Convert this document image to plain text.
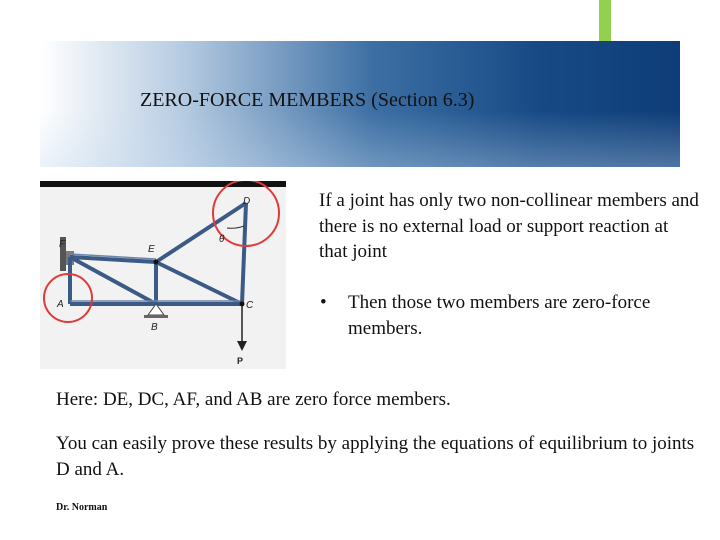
ZERO-FORCE MEMBERS (Section 6.3)
D
E
F
A
B
C
θ
P
If a joint has only two non-collinear members and there is no external load or support reaction at that joint
•	Then those two members are zero-force members.
Here: DE, DC, AF, and AB are zero force members.
You can easily prove these results by applying the equations of equilibrium to joints D and A.
Dr. Norman
